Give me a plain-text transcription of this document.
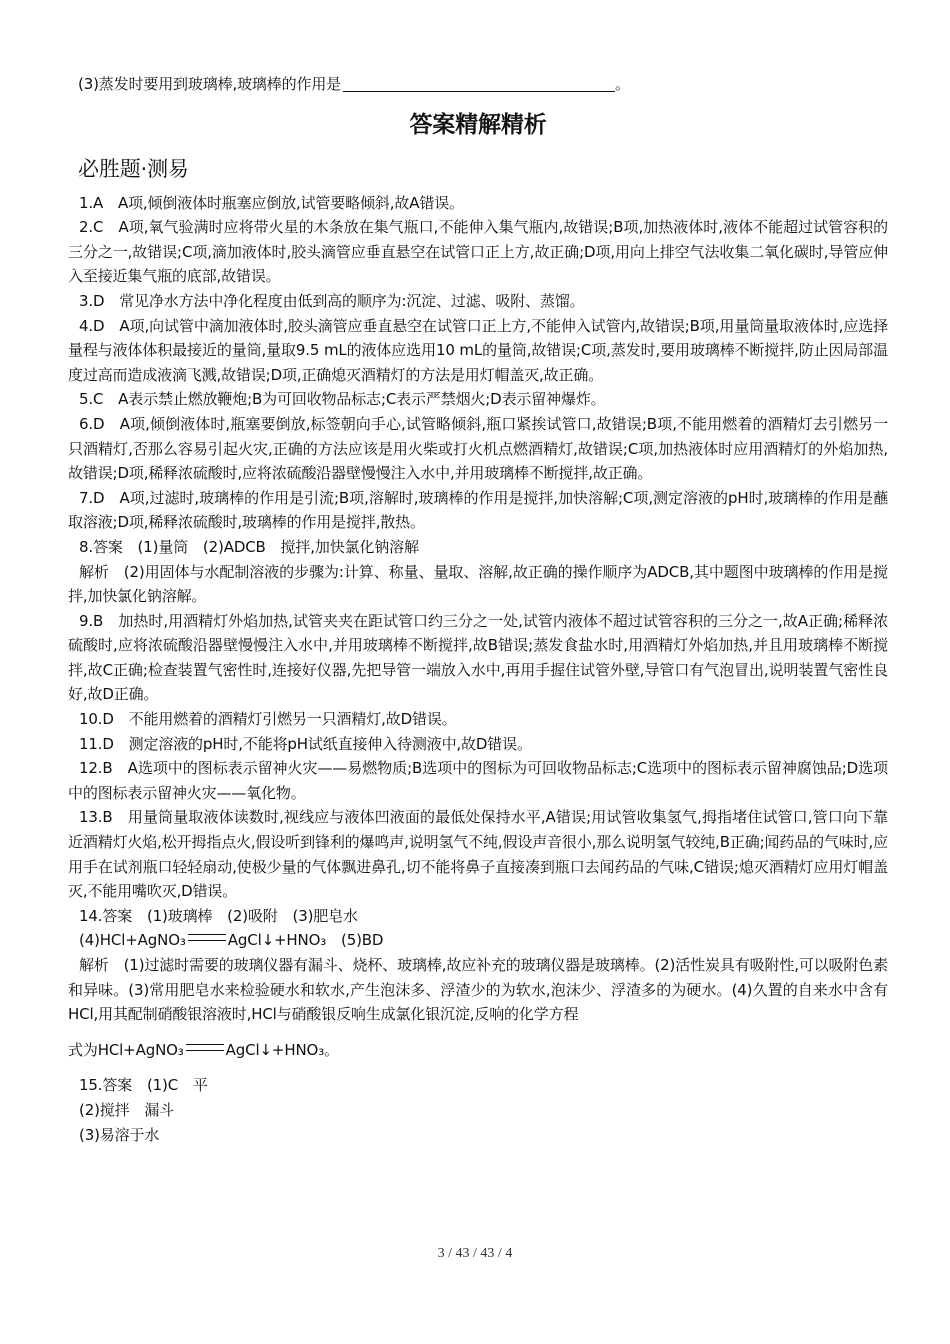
(3)蒸发时要用到玻璃棒,玻璃棒的作用是	。

答案精解精析
必胜题·测易

1.A　A项,倾倒液体时瓶塞应倒放,试管要略倾斜,故A错误。

2.C　A项,氧气验满时应将带火星的木条放在集气瓶口,不能伸入集气瓶内,故错误;B项,加热液体时,液体不能超过试管容积的三分之一,故错误;C项,滴加液体时,胶头滴管应垂直悬空在试管口正上方,故正确;D项,用向上排空气法收集二氧化碳时,导管应伸入至接近集气瓶的底部,故错误。

3.D　常见净水方法中净化程度由低到高的顺序为:沉淀、过滤、吸附、蒸馏。

4.D　A项,向试管中滴加液体时,胶头滴管应垂直悬空在试管口正上方,不能伸入试管内,故错误;B项,用量筒量取液体时,应选择量程与液体体积最接近的量筒,量取9.5 mL的液体应选用10 mL的量筒,故错误;C项,蒸发时,要用玻璃棒不断搅拌,防止因局部温度过高而造成液滴飞溅,故错误;D项,正确熄灭酒精灯的方法是用灯帽盖灭,故正确。

5.C　A表示禁止燃放鞭炮;B为可回收物品标志;C表示严禁烟火;D表示留神爆炸。

6.D　A项,倾倒液体时,瓶塞要倒放,标签朝向手心,试管略倾斜,瓶口紧挨试管口,故错误;B项,不能用燃着的酒精灯去引燃另一只酒精灯,否那么容易引起火灾,正确的方法应该是用火柴或打火机点燃酒精灯,故错误;C项,加热液体时应用酒精灯的外焰加热,故错误;D项,稀释浓硫酸时,应将浓硫酸沿器壁慢慢注入水中,并用玻璃棒不断搅拌,故正确。

7.D　A项,过滤时,玻璃棒的作用是引流;B项,溶解时,玻璃棒的作用是搅拌,加快溶解;C项,测定溶液的pH时,玻璃棒的作用是蘸取溶液;D项,稀释浓硫酸时,玻璃棒的作用是搅拌,散热。

8.答案　(1)量筒　(2)ADCB　搅拌,加快氯化钠溶解

解析　(2)用固体与水配制溶液的步骤为:计算、称量、量取、溶解,故正确的操作顺序为ADCB,其中题图中玻璃棒的作用是搅拌,加快氯化钠溶解。

9.B　加热时,用酒精灯外焰加热,试管夹夹在距试管口约三分之一处,试管内液体不超过试管容积的三分之一,故A正确;稀释浓硫酸时,应将浓硫酸沿器壁慢慢注入水中,并用玻璃棒不断搅拌,故B错误;蒸发食盐水时,用酒精灯外焰加热,并且用玻璃棒不断搅拌,故C正确;检查装置气密性时,连接好仪器,先把导管一端放入水中,再用手握住试管外壁,导管口有气泡冒出,说明装置气密性良好,故D正确。

10.D　不能用燃着的酒精灯引燃另一只酒精灯,故D错误。

11.D　测定溶液的pH时,不能将pH试纸直接伸入待测液中,故D错误。

12.B　A选项中的图标表示留神火灾——易燃物质;B选项中的图标为可回收物品标志;C选项中的图标表示留神腐蚀品;D选项中的图标表示留神火灾——氧化物。

13.B　用量筒量取液体读数时,视线应与液体凹液面的最低处保持水平,A错误;用试管收集氢气,拇指堵住试管口,管口向下靠近酒精灯火焰,松开拇指点火,假设听到锋利的爆鸣声,说明氢气不纯,假设声音很小,那么说明氢气较纯,B正确;闻药品的气味时,应用手在试剂瓶口轻轻扇动,使极少量的气体飘进鼻孔,切不能将鼻子直接凑到瓶口去闻药品的气味,C错误;熄灭酒精灯应用灯帽盖灭,不能用嘴吹灭,D错误。

14.答案　(1)玻璃棒　(2)吸附　(3)肥皂水

(4)HCl+AgNO₃	AgCl↓+HNO₃　(5)BD

解析　(1)过滤时需要的玻璃仪器有漏斗、烧杯、玻璃棒,故应补充的玻璃仪器是玻璃棒。(2)活性炭具有吸附性,可以吸附色素和异味。(3)常用肥皂水来检验硬水和软水,产生泡沫多、浮渣少的为软水,泡沫少、浮渣多的为硬水。(4)久置的自来水中含有HCl,用其配制硝酸银溶液时,HCl与硝酸银反响生成氯化银沉淀,反响的化学方程

式为HCl+AgNO₃	AgCl↓+HNO₃。

15.答案　(1)C　平

(2)搅拌　漏斗

(3)易溶于水

3 / 43 / 43 / 4
